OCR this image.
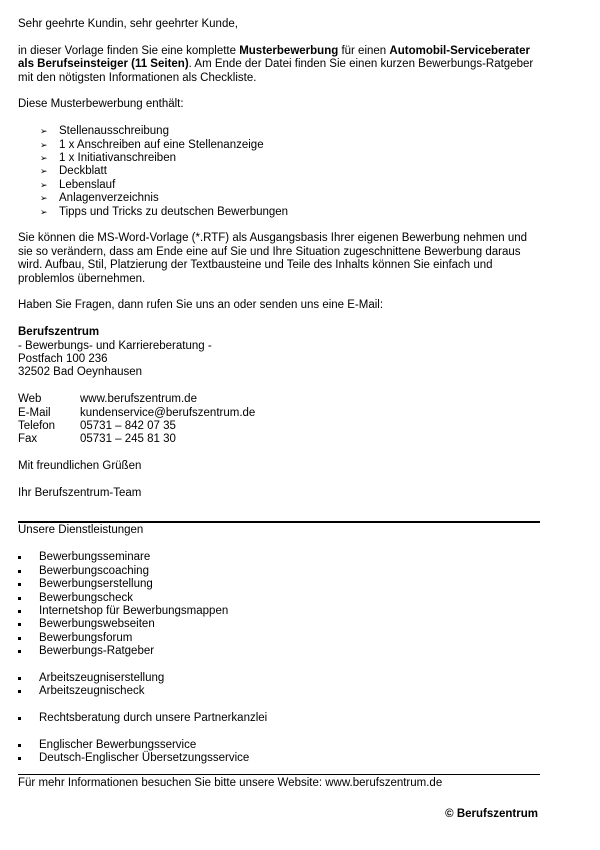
Sehr geehrte Kundin, sehr geehrter Kunde,

in dieser Vorlage finden Sie eine komplette Musterbewerbung für einen Automobil-Serviceberater als Berufseinsteiger (11 Seiten). Am Ende der Datei finden Sie einen kurzen Bewerbungs-Ratgeber mit den nötigsten Informationen als Checkliste.

Diese Musterbewerbung enthält:

➢ Stellenausschreibung
➢ 1 x Anschreiben auf eine Stellenanzeige
➢ 1 x Initiativanschreiben
➢ Deckblatt
➢ Lebenslauf
➢ Anlagenverzeichnis
➢ Tipps und Tricks zu deutschen Bewerbungen

Sie können die MS-Word-Vorlage (*.RTF) als Ausgangsbasis Ihrer eigenen Bewerbung nehmen und sie so verändern, dass am Ende eine auf Sie und Ihre Situation zugeschnittene Bewerbung daraus wird. Aufbau, Stil, Platzierung der Textbausteine und Teile des Inhalts können Sie einfach und problemlos übernehmen.

Haben Sie Fragen, dann rufen Sie uns an oder senden uns eine E-Mail:

Berufszentrum

- Bewerbungs- und Karriereberatung -

Postfach 100 236

32502 Bad Oeynhausen

Web	www.berufszentrum.de
E-Mail	kundenservice@berufszentrum.de
Telefon	05731 – 842 07 35
Fax	05731 – 245 81 30

Mit freundlichen Grüßen

Ihr Berufszentrum-Team

Unsere Dienstleistungen

Bewerbungsseminare
Bewerbungscoaching
Bewerbungserstellung
Bewerbungscheck
Internetshop für Bewerbungsmappen
Bewerbungswebseiten
Bewerbungsforum
Bewerbungs-Ratgeber
Arbeitszeugniserstellung
Arbeitszeugnischeck
Rechtsberatung durch unsere Partnerkanzlei
Englischer Bewerbungsservice
Deutsch-Englischer Übersetzungsservice

Für mehr Informationen besuchen Sie bitte unsere Website: www.berufszentrum.de

© Berufszentrum
